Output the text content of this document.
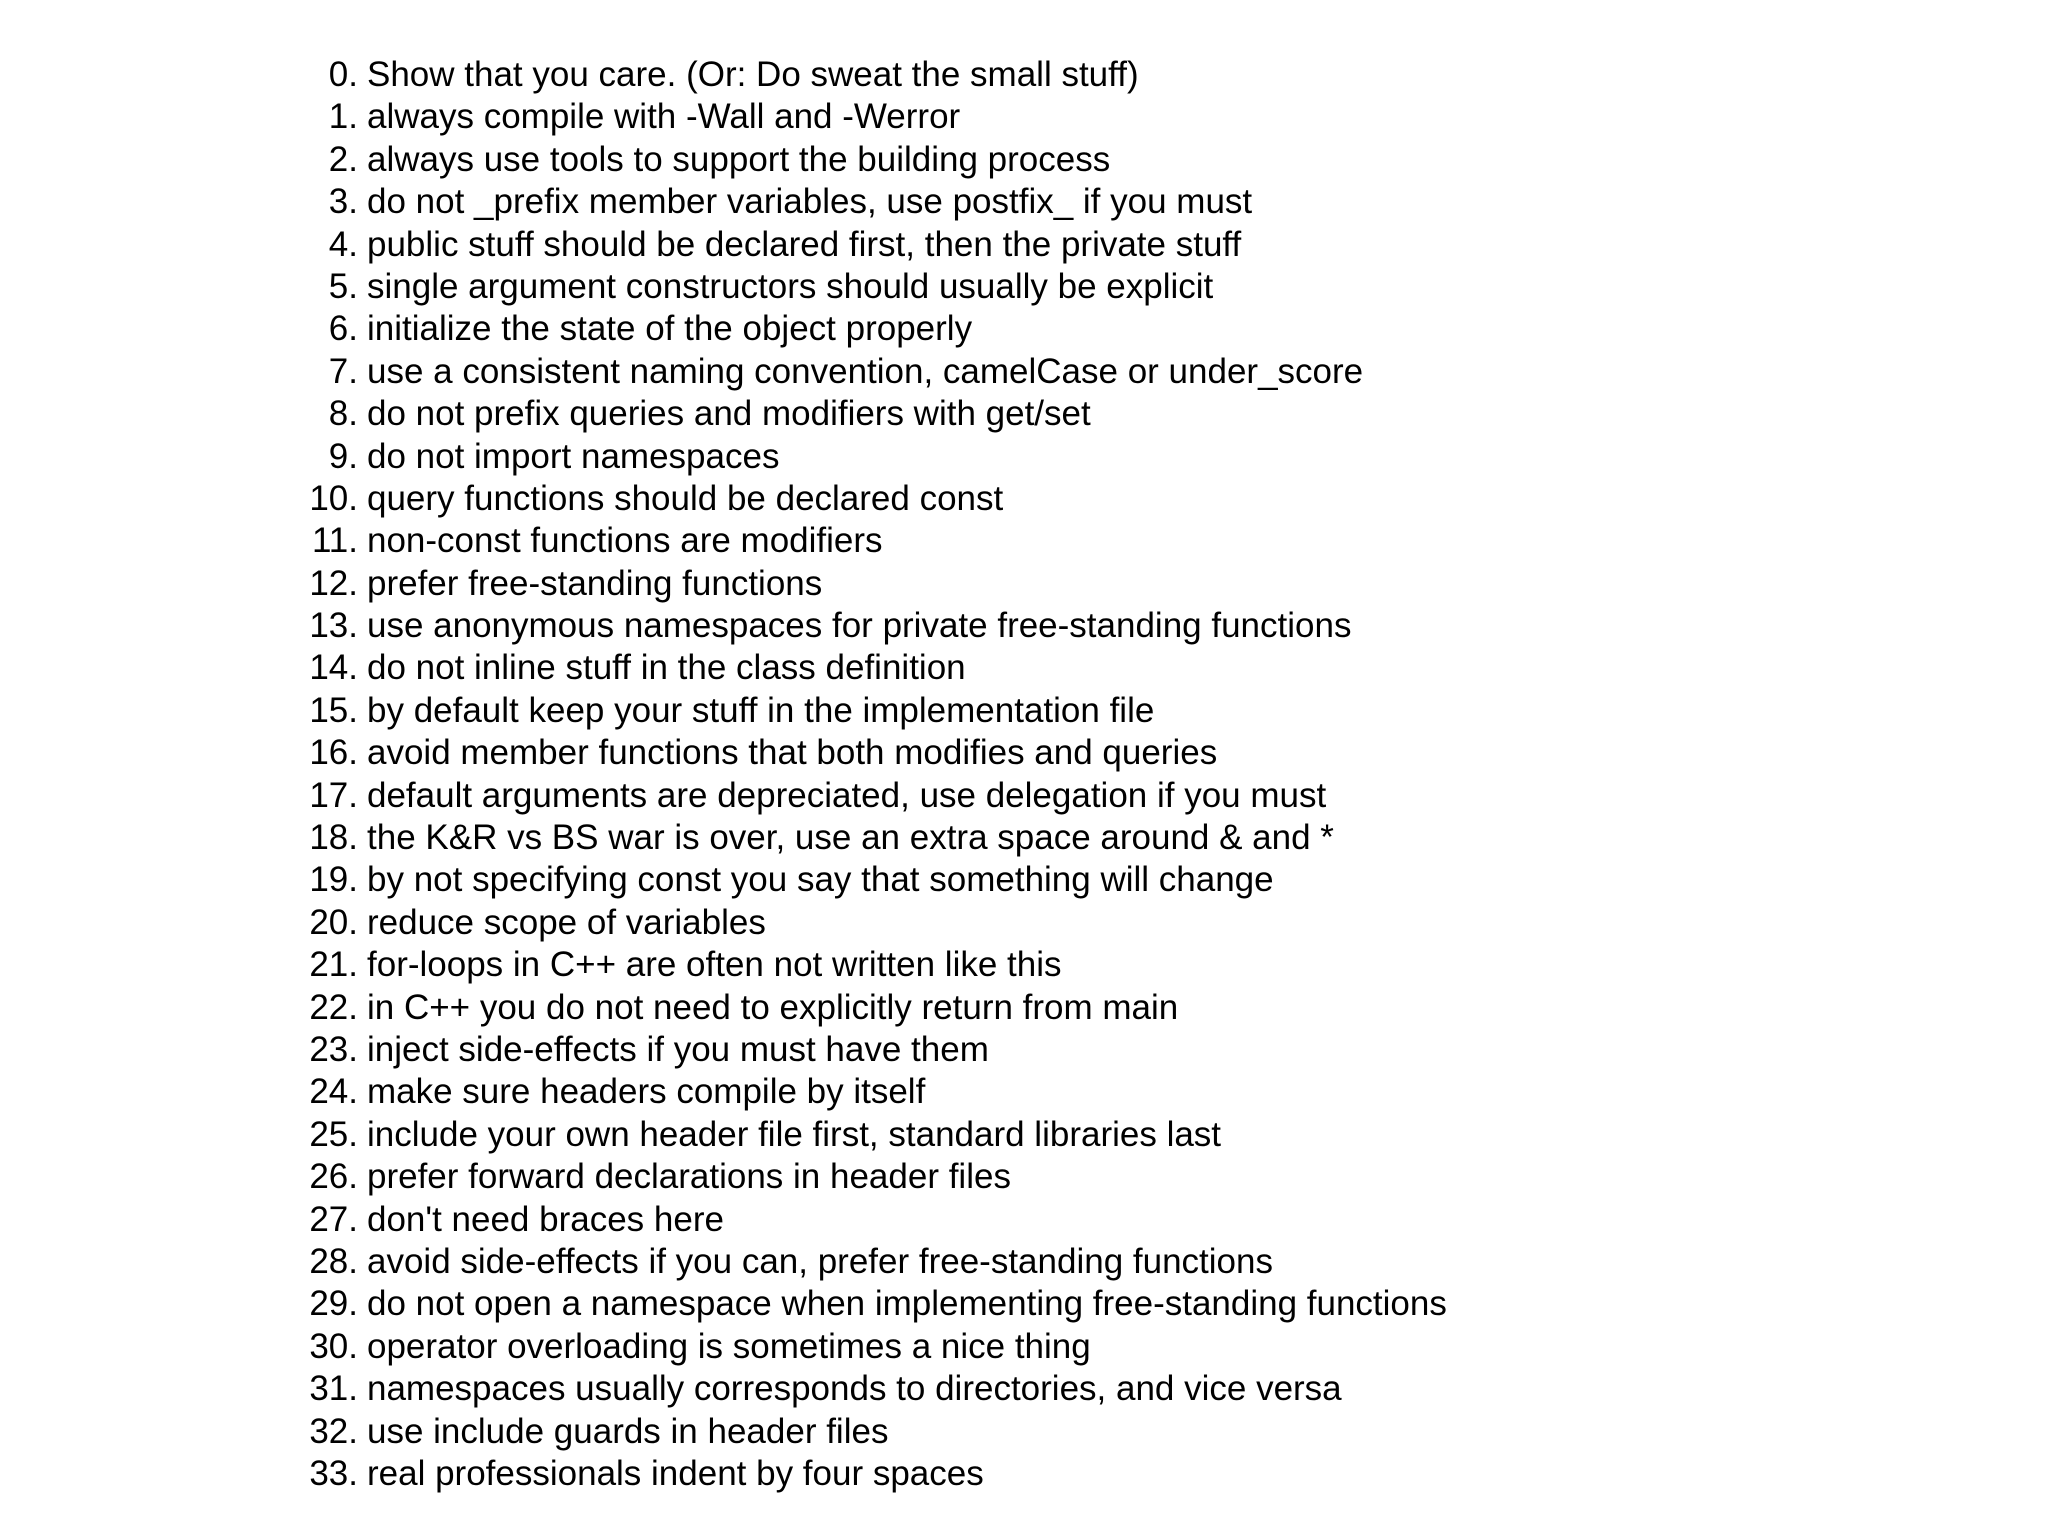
0. Show that you care. (Or: Do sweat the small stuff)
1. always compile with -Wall and -Werror
2. always use tools to support the building process
3. do not _prefix member variables, use postfix_ if you must
4. public stuff should be declared first, then the private stuff
5. single argument constructors should usually be explicit
6. initialize the state of the object properly
7. use a consistent naming convention, camelCase or under_score
8. do not prefix queries and modifiers with get/set
9. do not import namespaces
10. query functions should be declared const
11. non-const functions are modifiers
12. prefer free-standing functions
13. use anonymous namespaces for private free-standing functions
14. do not inline stuff in the class definition
15. by default keep your stuff in the implementation file
16. avoid member functions that both modifies and queries
17. default arguments are depreciated, use delegation if you must
18. the K&R vs BS war is over, use an extra space around & and *
19. by not specifying const you say that something will change
20. reduce scope of variables
21. for-loops in C++ are often not written like this
22. in C++ you do not need to explicitly return from main
23. inject side-effects if you must have them
24. make sure headers compile by itself
25. include your own header file first, standard libraries last
26. prefer forward declarations in header files
27. don't need braces here
28. avoid side-effects if you can, prefer free-standing functions
29. do not open a namespace when implementing free-standing functions
30. operator overloading is sometimes a nice thing
31. namespaces usually corresponds to directories, and vice versa
32. use include guards in header files
33. real professionals indent by four spaces
